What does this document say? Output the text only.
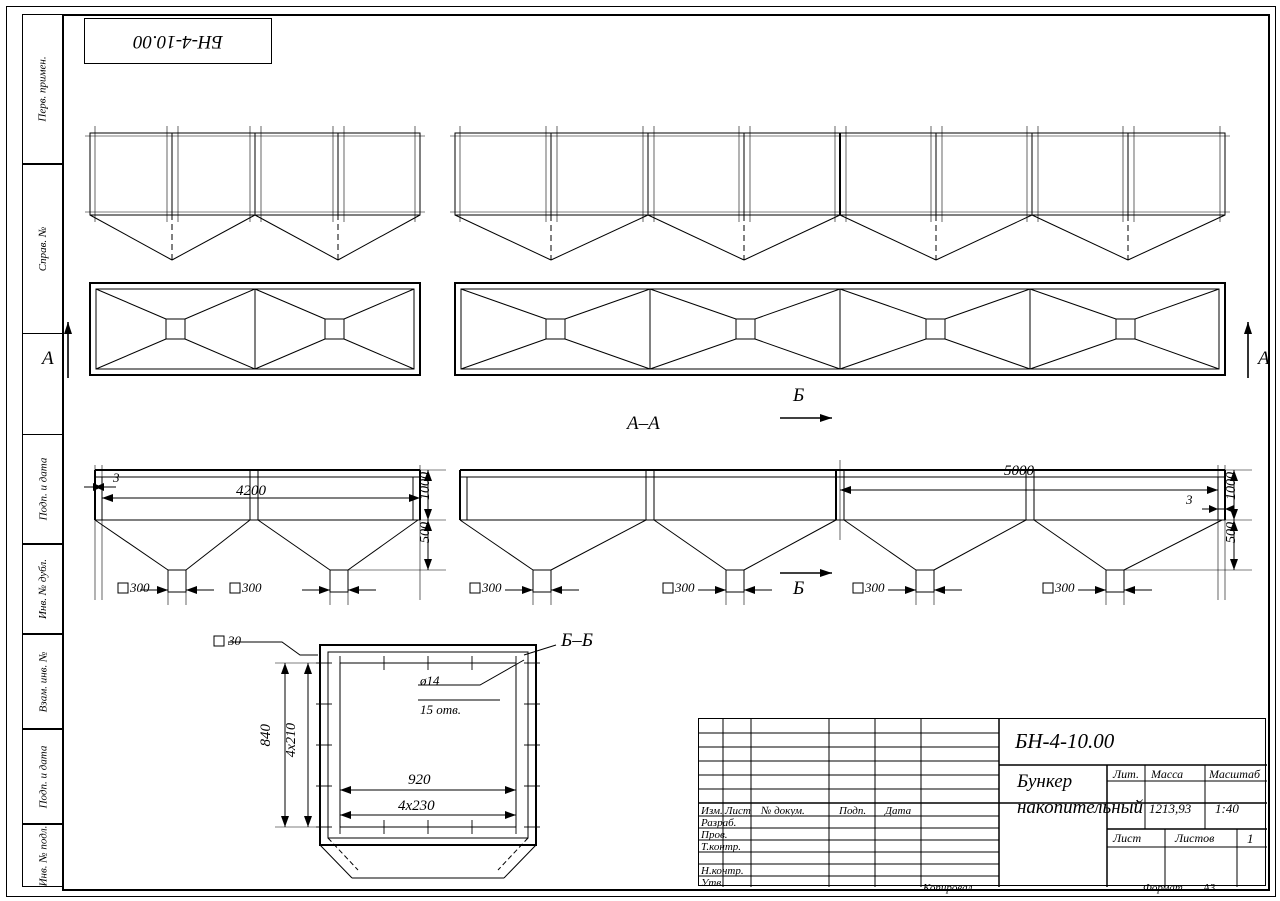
Перв. примен.
Справ. №
Подп. и дата
Инв. № дубл.
Взам. инв. №
Подп. и дата
Инв. № подл.
БН-4-10.00
А	А
А–А
Б
Б
Б–Б
3
4200	1000
500
5000
3 1000
500
300	300	300	300	300	300
30
ø14
15 отв.
840 4х210
920
4х230	Изм. Лист № докум.	Подп. Дата
Разраб.
Пров.
Т.контр.
Н.контр.
Утв.
БН-4-10.00
Бункер
накопительный
Лит. Масса Масштаб
1213,93 1:40
Лист	Листов	1
Копировал	Формат А3
